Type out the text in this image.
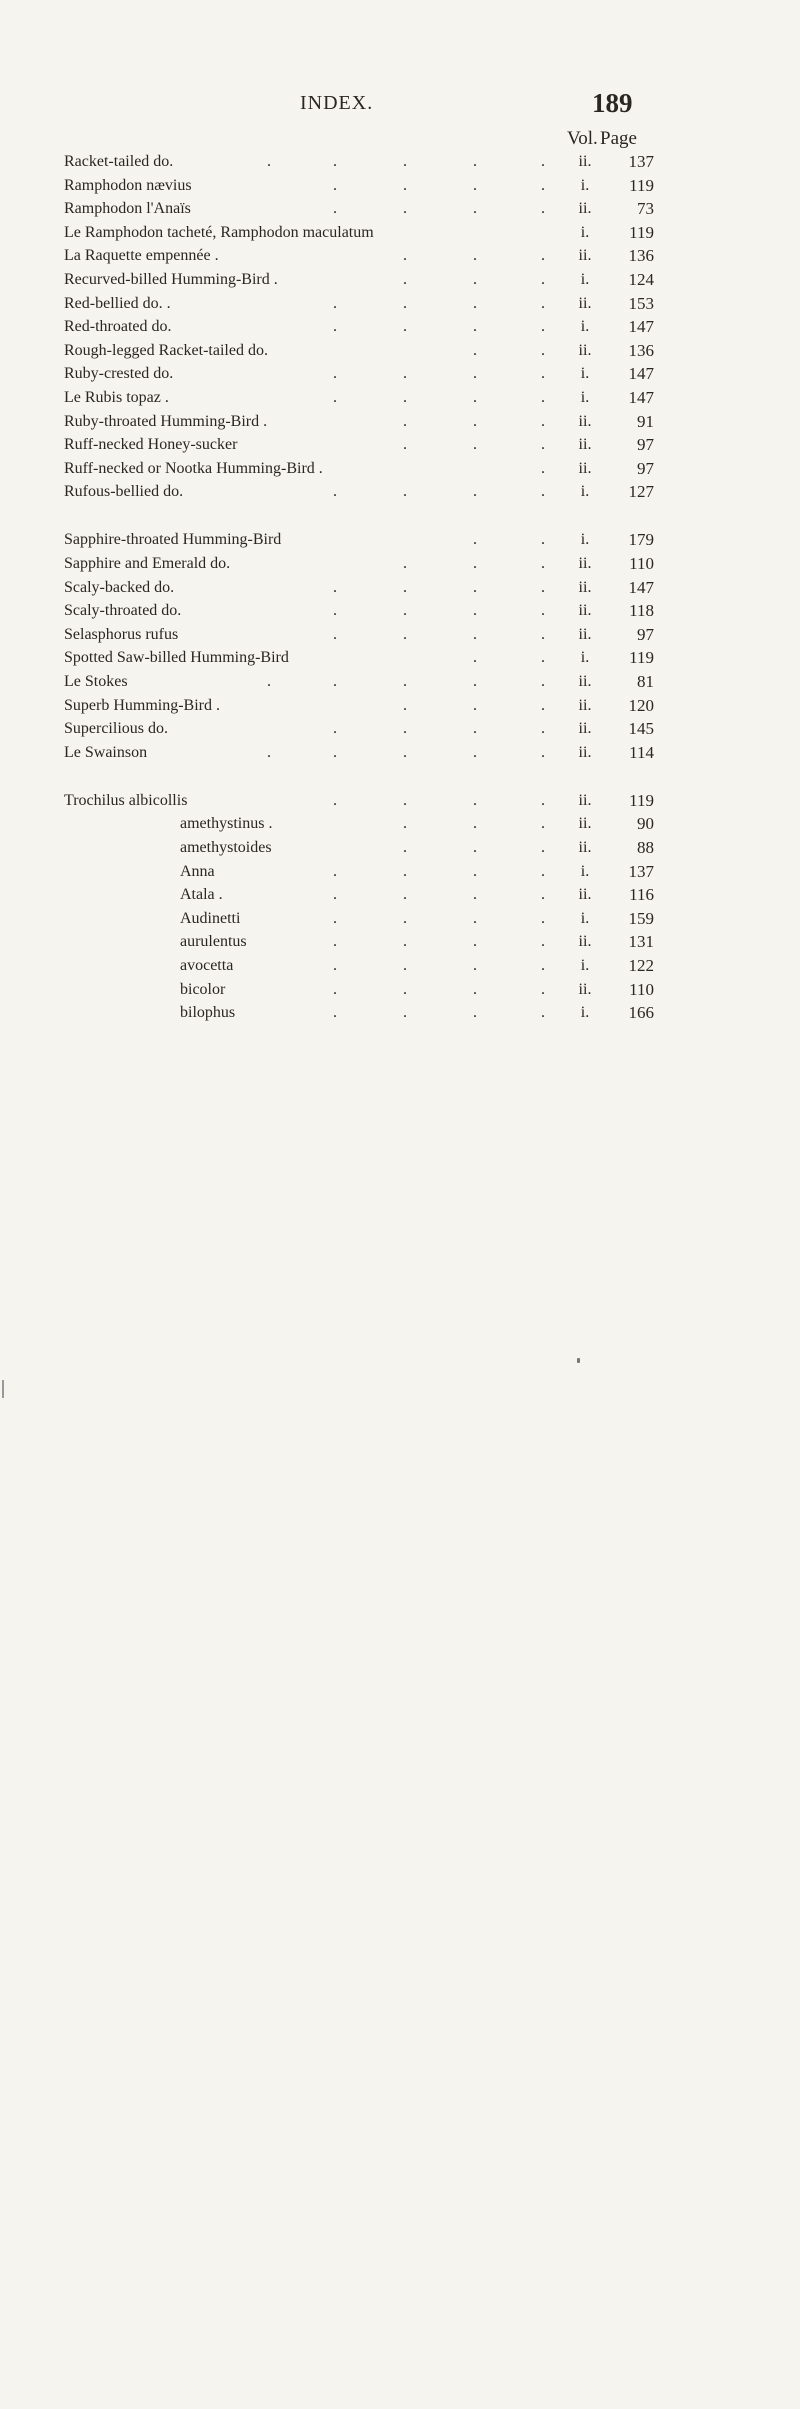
INDEX.	189
Vol. Page
Racket-tailed do.	.	.	.	.	.	ii.	137
Ramphodon nævius	.	.	.	.	i.	119
Ramphodon l'Anaïs	.	.	.	.	ii.	73
Le Ramphodon tacheté, Ramphodon maculatum	i.	119
La Raquette empennée .	.	.	.	ii.	136
Recurved-billed Humming-Bird .	.	.	.	i.	124
Red-bellied do. .	.	.	.	.	ii.	153
Red-throated do.	.	.	.	.	i.	147
Rough-legged Racket-tailed do.	.	.	ii.	136
Ruby-crested do.	.	.	.	.	i.	147
Le Rubis topaz .	.	.	.	.	i.	147
Ruby-throated Humming-Bird .	.	.	.	ii.	91
Ruff-necked Honey-sucker	.	.	.	ii.	97
Ruff-necked or Nootka Humming-Bird .	.	ii.	97
Rufous-bellied do.	.	.	.	.	i.	127
Sapphire-throated Humming-Bird	.	.	i.	179
Sapphire and Emerald do.	.	.	.	ii.	110
Scaly-backed do.	.	.	.	.	ii.	147
Scaly-throated do.	.	.	.	.	ii.	118
Selasphorus rufus	.	.	.	.	ii.	97
Spotted Saw-billed Humming-Bird	.	.	i.	119
Le Stokes	.	.	.	.	.	ii.	81
Superb Humming-Bird .	.	.	.	ii.	120
Supercilious do.	.	.	.	.	ii.	145
Le Swainson	.	.	.	.	.	ii.	114
Trochilus albicollis	.	.	.	.	ii.	119
amethystinus .	.	.	.	ii.	90
amethystoides	.	.	.	ii.	88
Anna	.	.	.	.	i.	137
Atala .	.	.	.	.	ii.	116
Audinetti	.	.	.	.	i.	159
aurulentus	.	.	.	.	ii.	131
avocetta	.	.	.	.	i.	122
bicolor	.	.	.	.	ii.	110
bilophus	.	.	.	.	i.	166
